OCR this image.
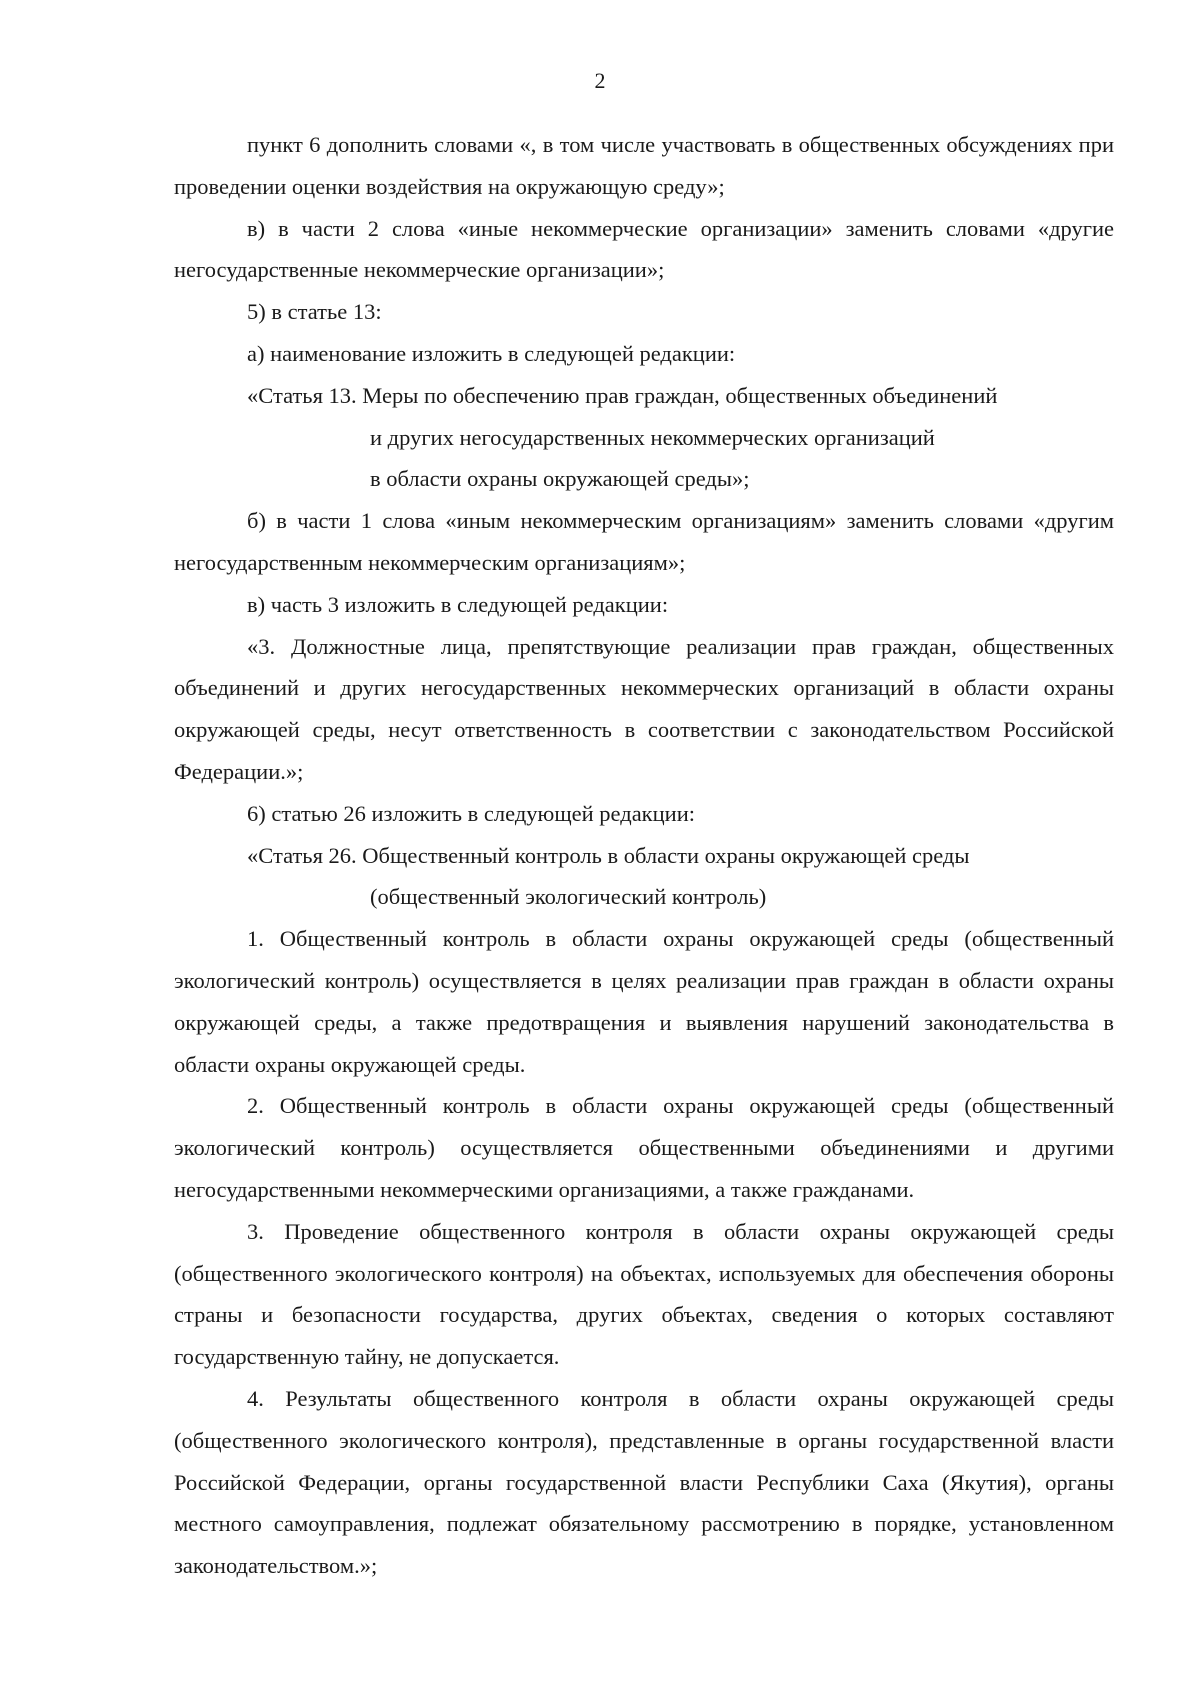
2

пункт 6 дополнить словами «, в том числе участвовать в общественных обсуждениях при проведении оценки воздействия на окружающую среду»;

в) в части 2 слова «иные некоммерческие организации» заменить словами «другие негосударственные некоммерческие организации»;

5) в статье 13:

а) наименование изложить в следующей редакции:

«Статья 13. Меры по обеспечению прав граждан, общественных объединений
и других негосударственных некоммерческих организаций
в области охраны окружающей среды»;

б) в части 1 слова «иным некоммерческим организациям» заменить словами «другим негосударственным некоммерческим организациям»;

в) часть 3 изложить в следующей редакции:

«3. Должностные лица, препятствующие реализации прав граждан, общественных объединений и других негосударственных некоммерческих организаций в области охраны окружающей среды, несут ответственность в соответствии с законодательством Российской Федерации.»;

6) статью 26 изложить в следующей редакции:

«Статья 26. Общественный контроль в области охраны окружающей среды
(общественный экологический контроль)

1. Общественный контроль в области охраны окружающей среды (общественный экологический контроль) осуществляется в целях реализации прав граждан в области охраны окружающей среды, а также предотвращения и выявления нарушений законодательства в области охраны окружающей среды.

2. Общественный контроль в области охраны окружающей среды (общественный экологический контроль) осуществляется общественными объединениями и другими негосударственными некоммерческими организациями, а также гражданами.

3. Проведение общественного контроля в области охраны окружающей среды (общественного экологического контроля) на объектах, используемых для обеспечения обороны страны и безопасности государства, других объектах, сведения о которых составляют государственную тайну, не допускается.

4. Результаты общественного контроля в области охраны окружающей среды (общественного экологического контроля), представленные в органы государственной власти Российской Федерации, органы государственной власти Республики Саха (Якутия), органы местного самоуправления, подлежат обязательному рассмотрению в порядке, установленном законодательством.»;
